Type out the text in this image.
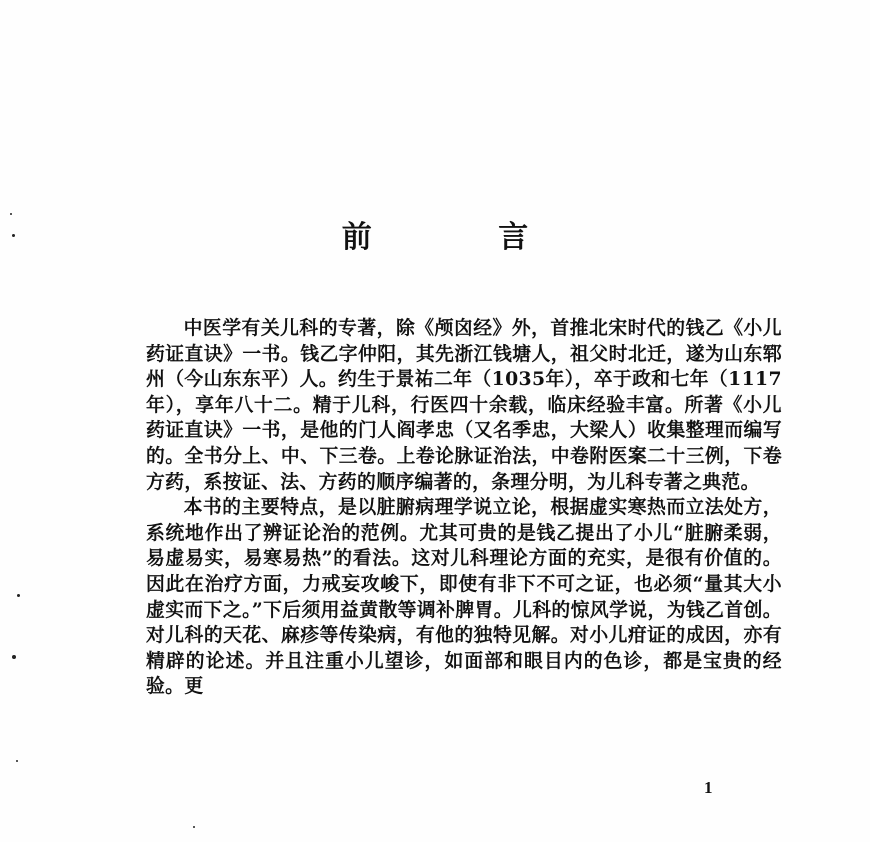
前 言

中医学有关儿科的专著，除《颅囟经》外，首推北宋时代的钱乙《小儿药证直诀》一书。钱乙字仲阳，其先浙江钱塘人，祖父时北迁，遂为山东郓州（今山东东平）人。约生于景祐二年（1035年），卒于政和七年（1117年），享年八十二。精于儿科，行医四十余载，临床经验丰富。所著《小儿药证直诀》一书，是他的门人阎孝忠（又名季忠，大梁人）收集整理而编写的。全书分上、中、下三卷。上卷论脉证治法，中卷附医案二十三例，下卷方药，系按证、法、方药的顺序编著的，条理分明，为儿科专著之典范。

本书的主要特点，是以脏腑病理学说立论，根据虚实寒热而立法处方，系统地作出了辨证论治的范例。尤其可贵的是钱乙提出了小儿“脏腑柔弱，易虚易实，易寒易热”的看法。这对儿科理论方面的充实，是很有价值的。因此在治疗方面，力戒妄攻峻下，即使有非下不可之证，也必须“量其大小虚实而下之。”下后须用益黄散等调补脾胃。儿科的惊风学说，为钱乙首创。对儿科的天花、麻疹等传染病，有他的独特见解。对小儿疳证的成因，亦有精辟的论述。并且注重小儿望诊，如面部和眼目内的色诊，都是宝贵的经验。更

1
